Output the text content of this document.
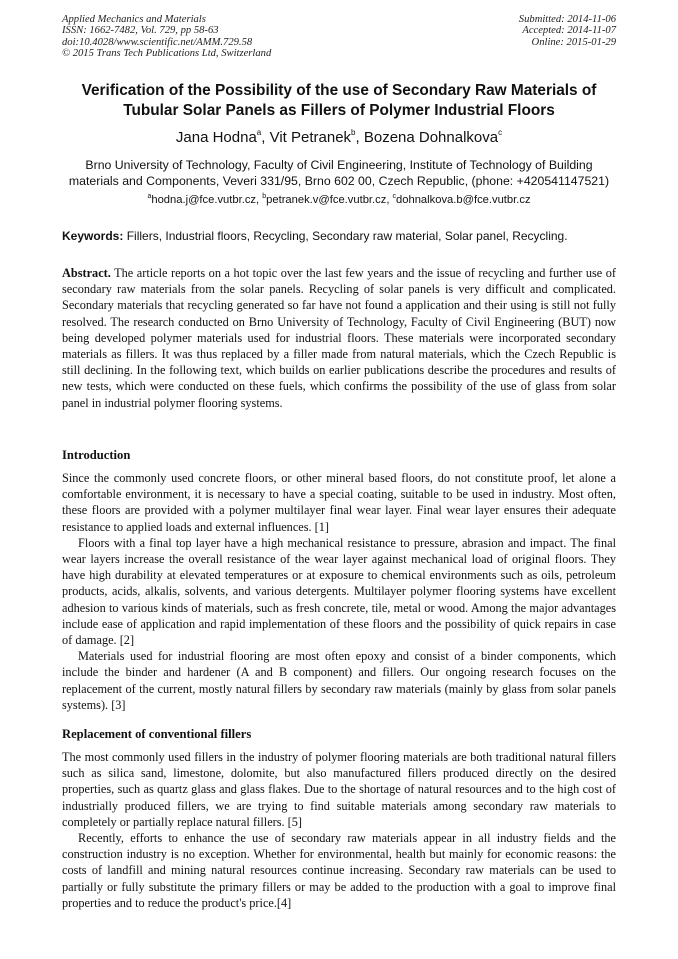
Applied Mechanics and Materials
ISSN: 1662-7482, Vol. 729, pp 58-63
doi:10.4028/www.scientific.net/AMM.729.58
© 2015 Trans Tech Publications Ltd, Switzerland
Submitted: 2014-11-06
Accepted: 2014-11-07
Online: 2015-01-29
Verification of the Possibility of the use of Secondary Raw Materials of Tubular Solar Panels as Fillers of Polymer Industrial Floors
Jana Hodna$^a$, Vit Petranek$^b$, Bozena Dohnalkova$^c$
Brno University of Technology, Faculty of Civil Engineering, Institute of Technology of Building materials and Components, Veveri 331/95, Brno 602 00, Czech Republic, (phone: +420541147521)
$^a$hodna.j@fce.vutbr.cz, $^b$petranek.v@fce.vutbr.cz, $^c$dohnalkova.b@fce.vutbr.cz
Keywords: Fillers, Industrial floors, Recycling, Secondary raw material, Solar panel, Recycling.

Abstract. The article reports on a hot topic over the last few years and the issue of recycling and further use of secondary raw materials from the solar panels. Recycling of solar panels is very difficult and complicated. Secondary materials that recycling generated so far have not found a application and their using is still not fully resolved. The research conducted on Brno University of Technology, Faculty of Civil Engineering (BUT) now being developed polymer materials used for industrial floors. These materials were incorporated secondary materials as fillers. It was thus replaced by a filler made from natural materials, which the Czech Republic is still declining. In the following text, which builds on earlier publications describe the procedures and results of new tests, which were conducted on these fuels, which confirms the possibility of the use of glass from solar panel in industrial polymer flooring systems.

Introduction

Since the commonly used concrete floors, or other mineral based floors, do not constitute proof, let alone a comfortable environment, it is necessary to have a special coating, suitable to be used in industry. Most often, these floors are provided with a polymer multilayer final wear layer. Final wear layer ensures their adequate resistance to applied loads and external influences. [1]

Floors with a final top layer have a high mechanical resistance to pressure, abrasion and impact. The final wear layers increase the overall resistance of the wear layer against mechanical load of original floors. They have high durability at elevated temperatures or at exposure to chemical environments such as oils, petroleum products, acids, alkalis, solvents, and various detergents. Multilayer polymer flooring systems have excellent adhesion to various kinds of materials, such as fresh concrete, tile, metal or wood. Among the major advantages include ease of application and rapid implementation of these floors and the possibility of quick repairs in case of damage. [2]

Materials used for industrial flooring are most often epoxy and consist of a binder components, which include the binder and hardener (A and B component) and fillers. Our ongoing research focuses on the replacement of the current, mostly natural fillers by secondary raw materials (mainly by glass from solar panels systems). [3]

Replacement of conventional fillers

The most commonly used fillers in the industry of polymer flooring materials are both traditional natural fillers such as silica sand, limestone, dolomite, but also manufactured fillers produced directly on the desired properties, such as quartz glass and glass flakes. Due to the shortage of natural resources and to the high cost of industrially produced fillers, we are trying to find suitable materials among secondary raw materials to completely or partially replace natural fillers. [5]

Recently, efforts to enhance the use of secondary raw materials appear in all industry fields and the construction industry is no exception. Whether for environmental, health but mainly for economic reasons: the costs of landfill and mining natural resources continue increasing. Secondary raw materials can be used to partially or fully substitute the primary fillers or may be added to the production with a goal to improve final properties and to reduce the product's price.[4]
